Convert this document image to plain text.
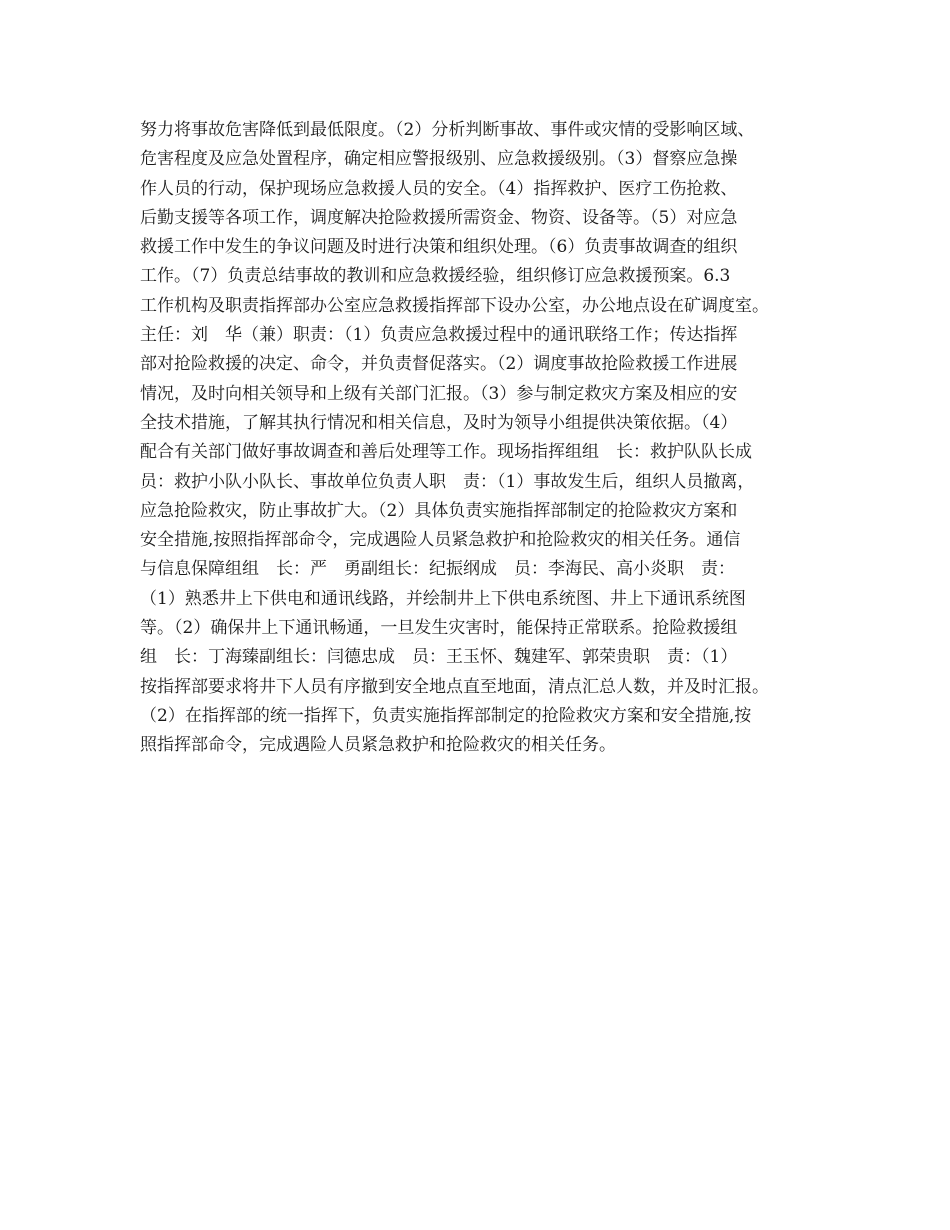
努力将事故危害降低到最低限度。（2）分析判断事故、事件或灾情的受影响区域、
危害程度及应急处置程序，确定相应警报级别、应急救援级别。（3）督察应急操
作人员的行动，保护现场应急救援人员的安全。（4）指挥救护、医疗工伤抢救、
后勤支援等各项工作，调度解决抢险救援所需资金、物资、设备等。（5）对应急
救援工作中发生的争议问题及时进行决策和组织处理。（6）负责事故调查的组织
工作。（7）负责总结事故的教训和应急救援经验，组织修订应急救援预案。6.3
工作机构及职责指挥部办公室应急救援指挥部下设办公室，办公地点设在矿调度室。
主任：刘　华（兼）职责：（1）负责应急救援过程中的通讯联络工作；传达指挥
部对抢险救援的决定、命令，并负责督促落实。（2）调度事故抢险救援工作进展
情况，及时向相关领导和上级有关部门汇报。（3）参与制定救灾方案及相应的安
全技术措施，了解其执行情况和相关信息，及时为领导小组提供决策依据。（4）
配合有关部门做好事故调查和善后处理等工作。现场指挥组组　长：救护队队长成
员：救护小队小队长、事故单位负责人职　责：（1）事故发生后，组织人员撤离，
应急抢险救灾，防止事故扩大。（2）具体负责实施指挥部制定的抢险救灾方案和
安全措施,按照指挥部命令，完成遇险人员紧急救护和抢险救灾的相关任务。通信
与信息保障组组　长：严　勇副组长：纪振纲成　员：李海民、高小炎职　责：
（1）熟悉井上下供电和通讯线路，并绘制井上下供电系统图、井上下通讯系统图
等。（2）确保井上下通讯畅通，一旦发生灾害时，能保持正常联系。抢险救援组
组　长：丁海臻副组长：闫德忠成　员：王玉怀、魏建军、郭荣贵职　责：（1）
按指挥部要求将井下人员有序撤到安全地点直至地面，清点汇总人数，并及时汇报。
（2）在指挥部的统一指挥下，负责实施指挥部制定的抢险救灾方案和安全措施,按
照指挥部命令，完成遇险人员紧急救护和抢险救灾的相关任务。
